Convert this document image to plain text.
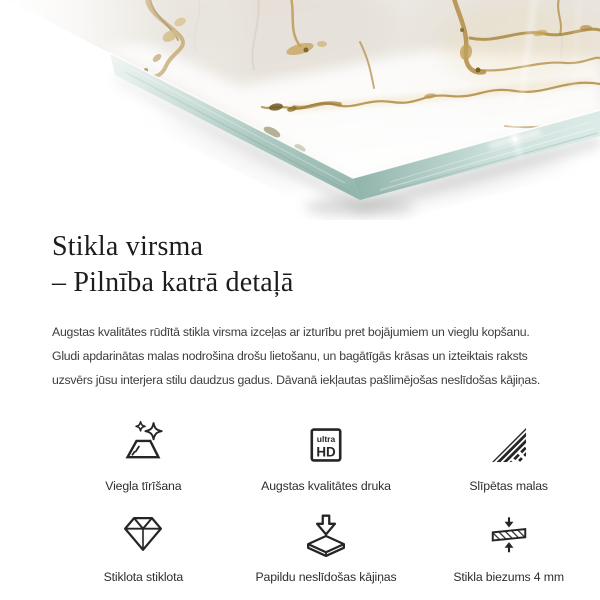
Stikla virsma
– Pilnība katrā detaļā
Augstas kvalitātes rūdītā stikla virsma izceļas ar izturību pret bojājumiem un vieglu kopšanu.
Gludi apdarinātas malas nodrošina drošu lietošanu, un bagātīgās krāsas un izteiktais raksts
uzsvērs jūsu interjera stilu daudzus gadus. Dāvanā iekļautas pašlimējošas neslīdošas kājiņas.
Viegla tīrīšana
ultra
HD
Augstas kvalitātes druka	Slīpētas malas
Stiklota stiklota	Papildu neslīdošas kājiņas	Stikla biezums 4 mm
